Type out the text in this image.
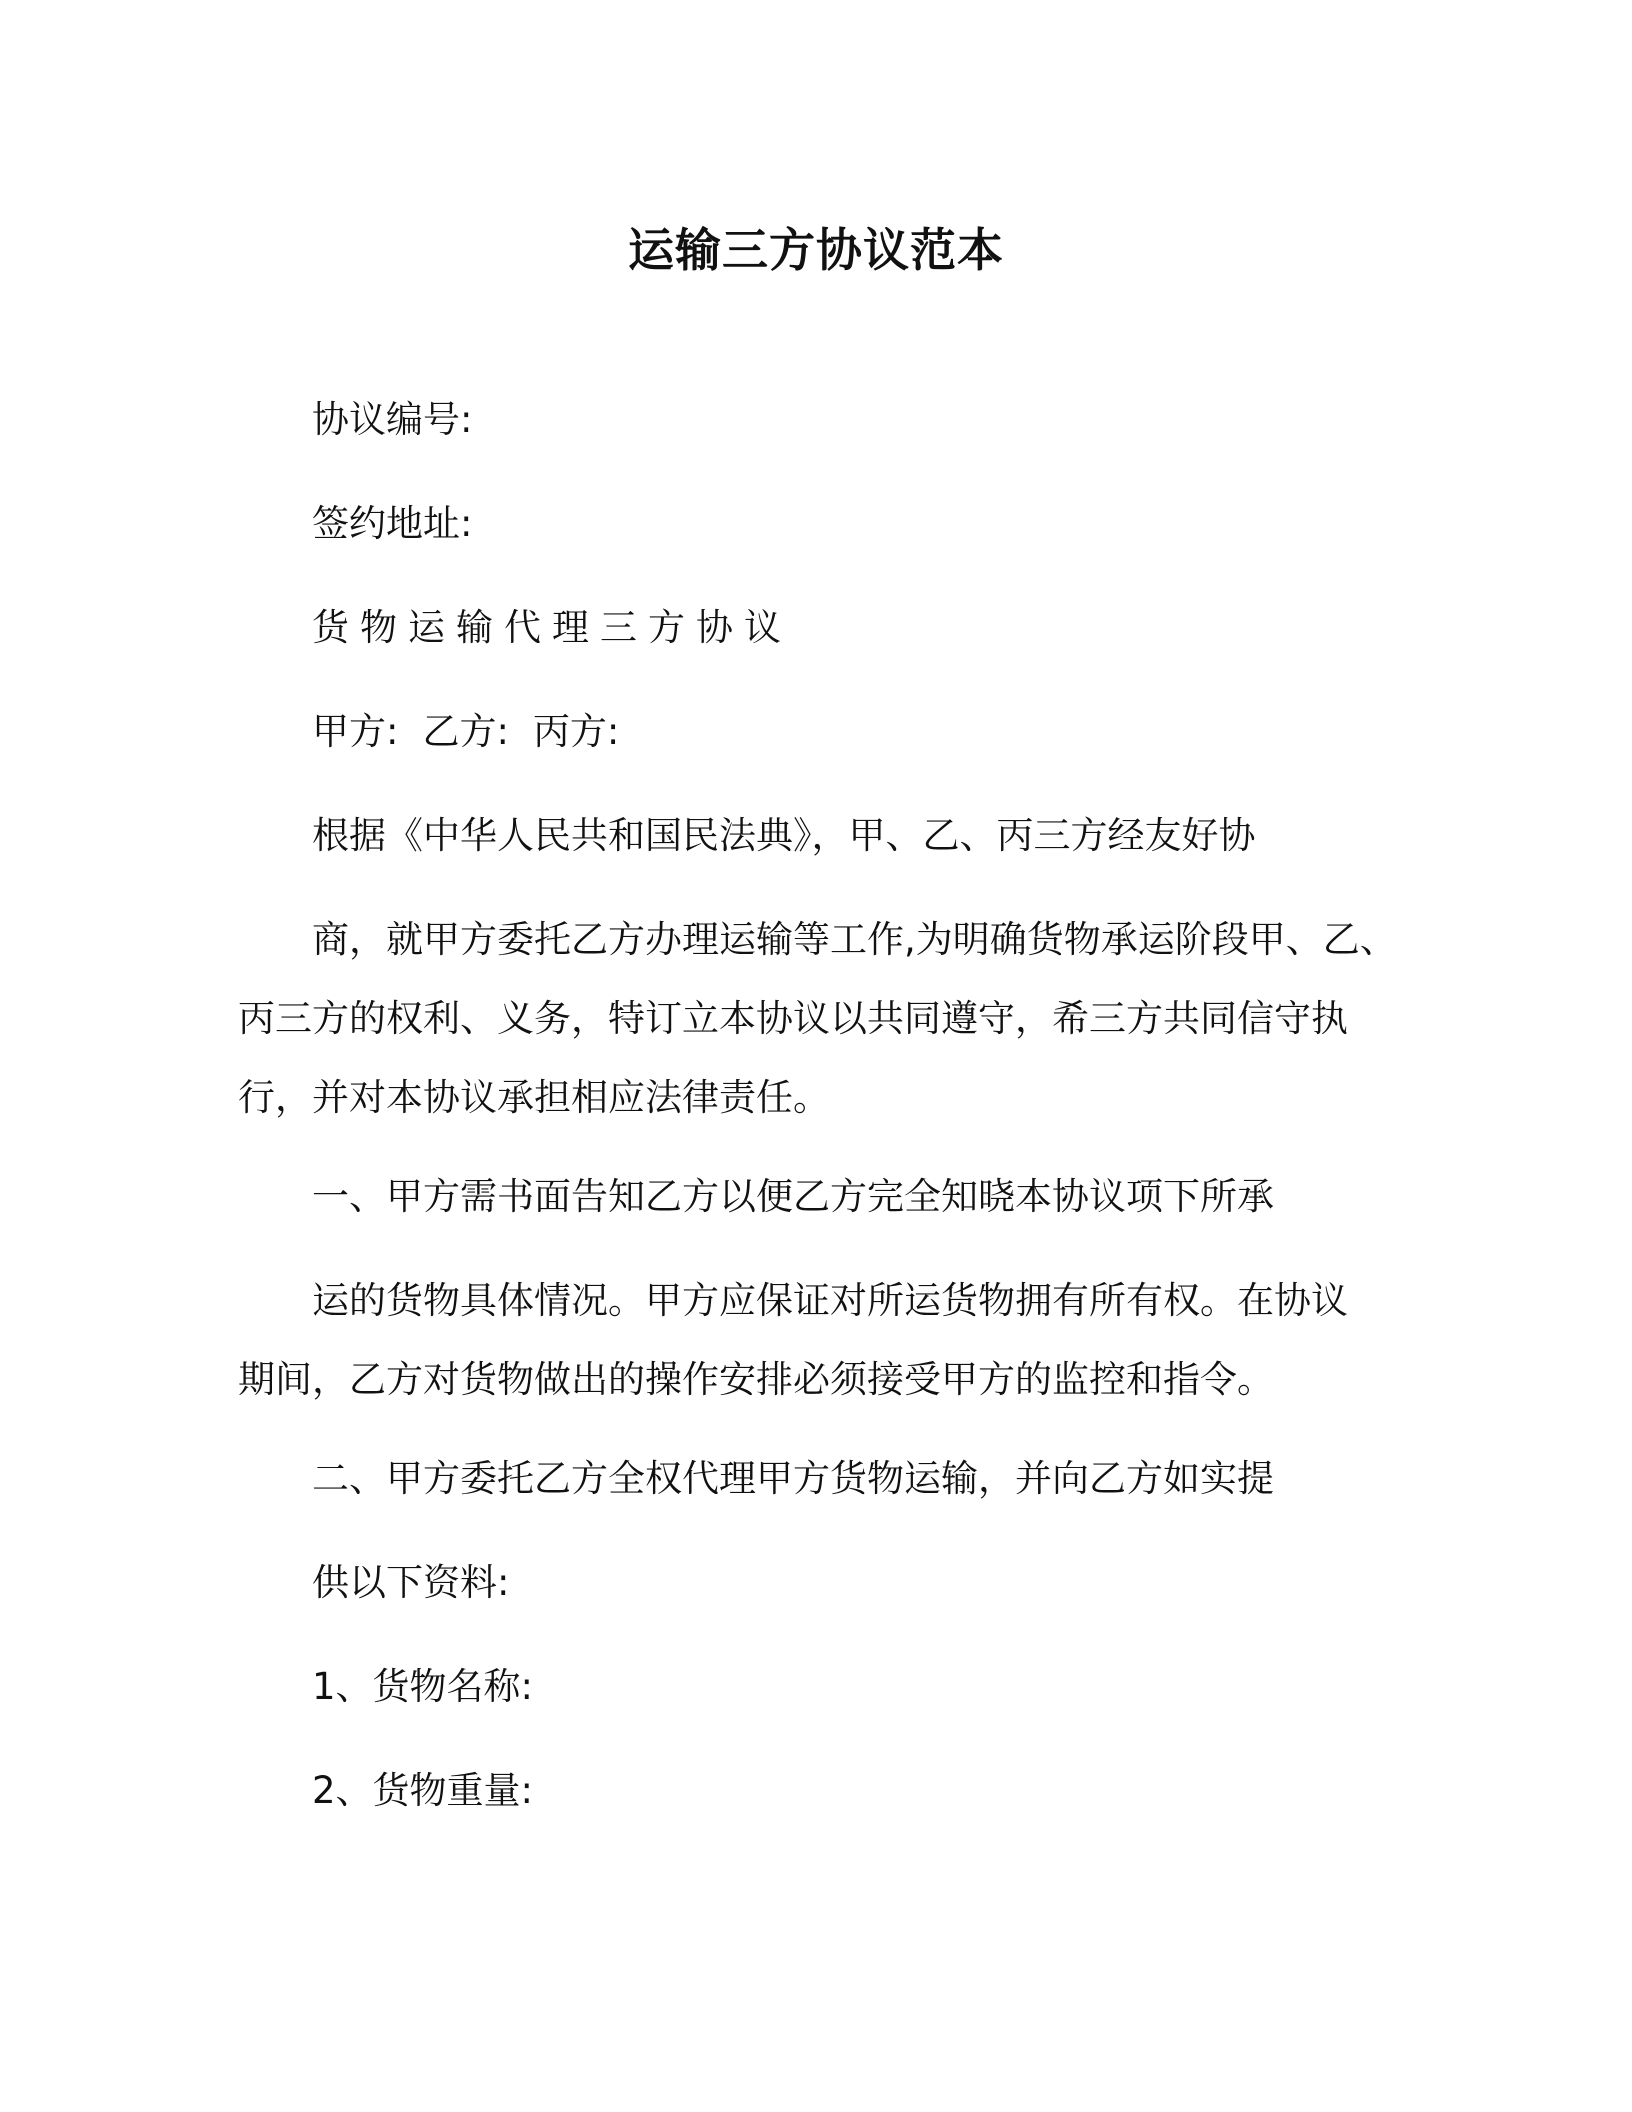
运输三方协议范本
协议编号:
签约地址:
货物运输代理三方协议
甲方: 乙方: 丙方:
根据《中华人民共和国民法典》，甲、乙、丙三方经友好协
商，就甲方委托乙方办理运输等工作,为明确货物承运阶段甲、乙、
丙三方的权利、义务，特订立本协议以共同遵守，希三方共同信守执
行，并对本协议承担相应法律责任。
一、甲方需书面告知乙方以便乙方完全知晓本协议项下所承
运的货物具体情况。甲方应保证对所运货物拥有所有权。在协议
期间，乙方对货物做出的操作安排必须接受甲方的监控和指令。
二、甲方委托乙方全权代理甲方货物运输，并向乙方如实提
供以下资料:
1、货物名称:
2、货物重量:
